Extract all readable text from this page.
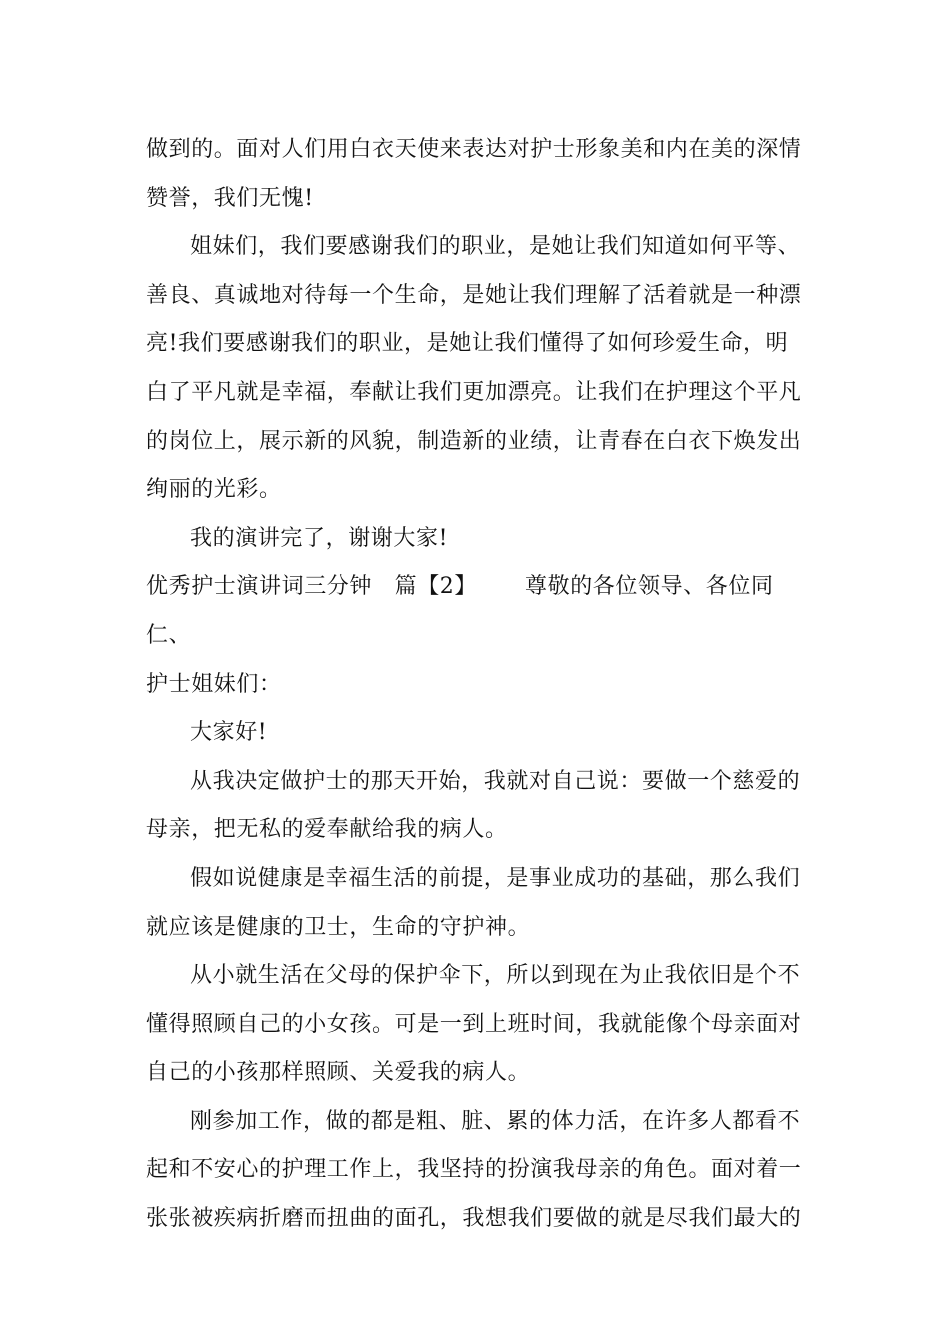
做到的。面对人们用白衣天使来表达对护士形象美和内在美的深情赞誉，我们无愧!

姐妹们，我们要感谢我们的职业，是她让我们知道如何平等、善良、真诚地对待每一个生命，是她让我们理解了活着就是一种漂亮!我们要感谢我们的职业，是她让我们懂得了如何珍爱生命，明白了平凡就是幸福，奉献让我们更加漂亮。让我们在护理这个平凡的岗位上，展示新的风貌，制造新的业绩，让青春在白衣下焕发出绚丽的光彩。

我的演讲完了，谢谢大家!

优秀护士演讲词三分钟　篇【2】 尊敬的各位领导、各位同仁、

护士姐妹们：

大家好!

从我决定做护士的那天开始，我就对自己说：要做一个慈爱的母亲，把无私的爱奉献给我的病人。

假如说健康是幸福生活的前提，是事业成功的基础，那么我们就应该是健康的卫士，生命的守护神。

从小就生活在父母的保护伞下，所以到现在为止我依旧是个不懂得照顾自己的小女孩。可是一到上班时间，我就能像个母亲面对自己的小孩那样照顾、关爱我的病人。

刚参加工作，做的都是粗、脏、累的体力活，在许多人都看不起和不安心的护理工作上，我坚持的扮演我母亲的角色。面对着一张张被疾病折磨而扭曲的面孔，我想我们要做的就是尽我们最大的
